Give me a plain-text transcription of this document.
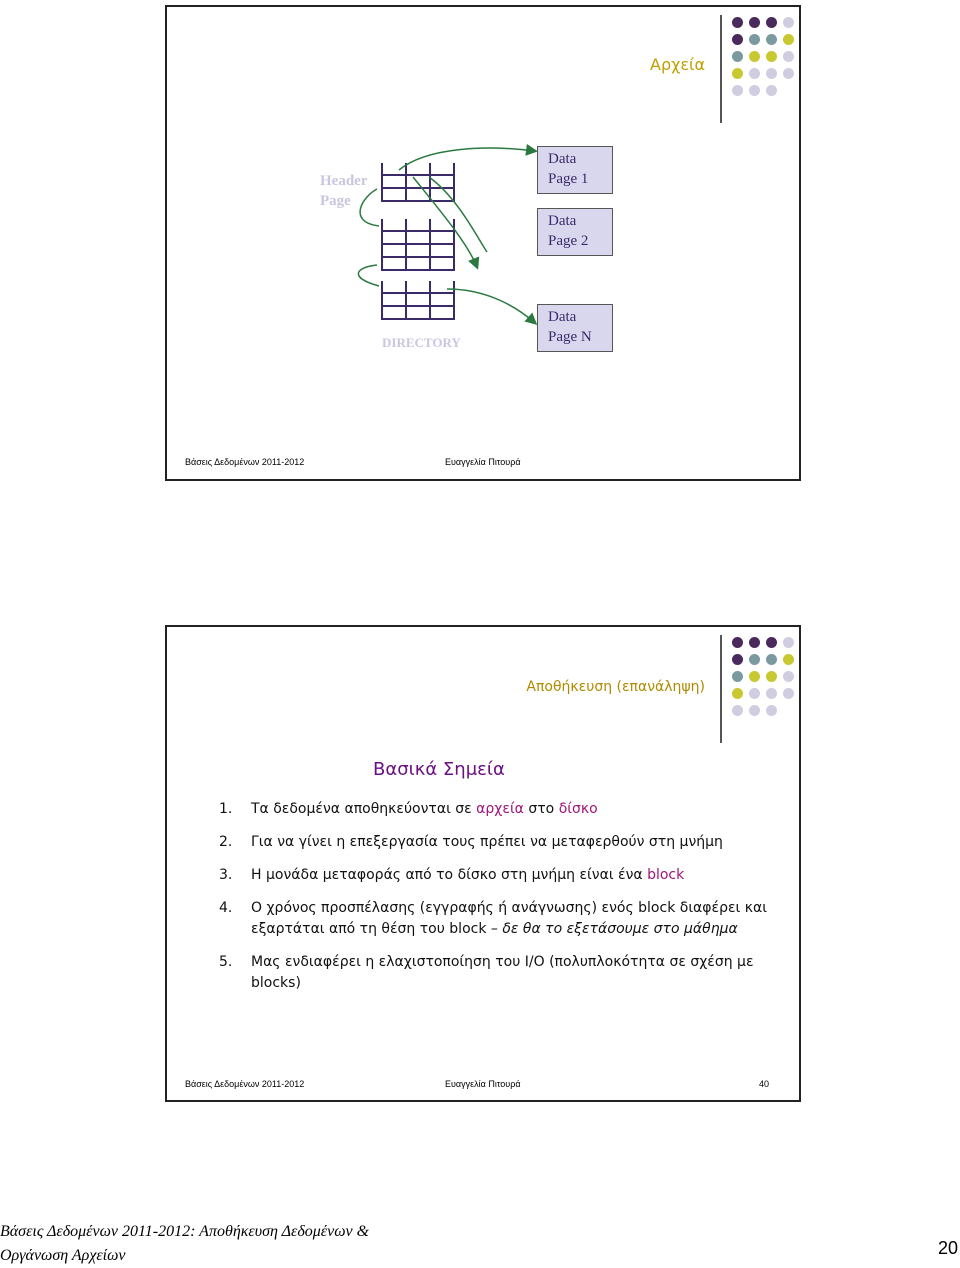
Αρχεία
Header
Page
DIRECTORY
Data
Page 1
Data
Page 2
Data
Page N
Βάσεις Δεδομένων 2011-2012	Ευαγγελία Πιτουρά
Αποθήκευση (επανάληψη)
Βασικά Σημεία
1. Τα δεδομένα αποθηκεύονται σε αρχεία στο δίσκο
2. Για να γίνει η επεξεργασία τους πρέπει να μεταφερθούν στη μνήμη
3. Η μονάδα μεταφοράς από το δίσκο στη μνήμη είναι ένα block
4. Ο χρόνος προσπέλασης (εγγραφής ή ανάγνωσης) ενός block διαφέρει και εξαρτάται από τη θέση του block – δε θα το εξετάσουμε στο μάθημα
5. Μας ενδιαφέρει η ελαχιστοποίηση του I/O (πολυπλοκότητα σε σχέση με blocks)
Βάσεις Δεδομένων 2011-2012	Ευαγγελία Πιτουρά	40
Βάσεις Δεδομένων 2011-2012: Αποθήκευση Δεδομένων &
Οργάνωση Αρχείων	20
